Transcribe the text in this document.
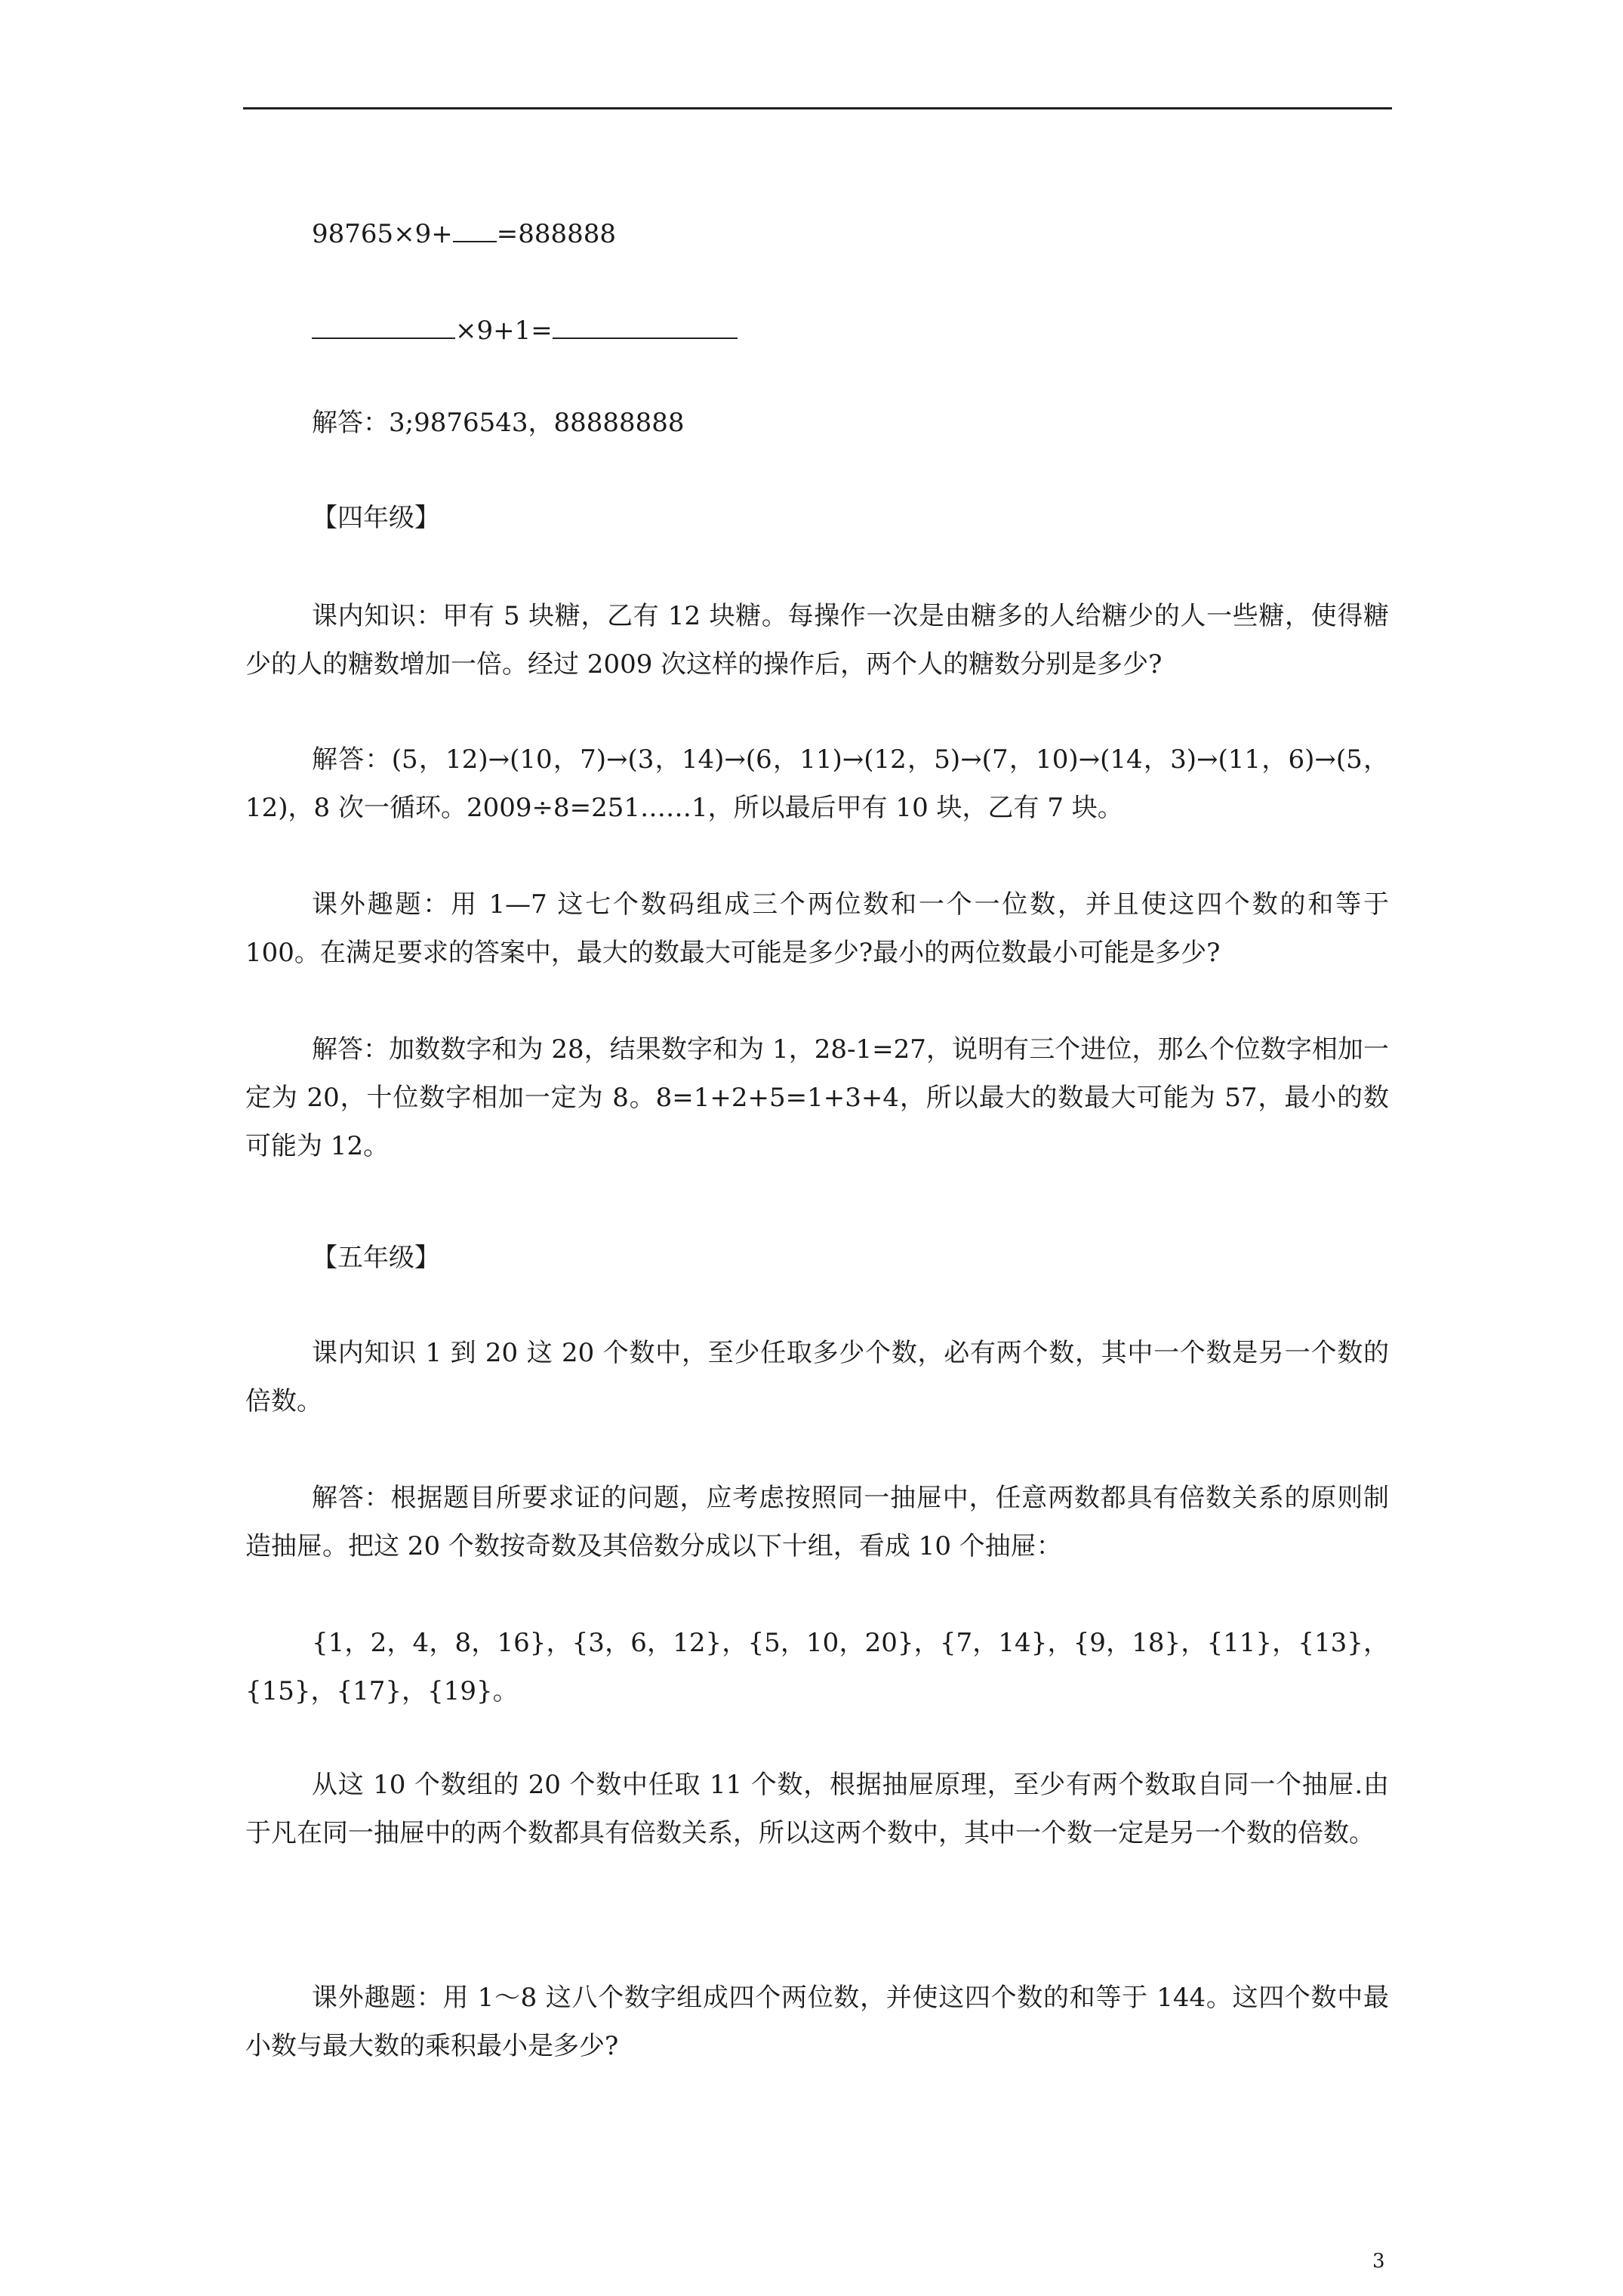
98765×9+ =888888
×9+1=
解答：3;9876543，88888888
【四年级】

课内知识：甲有 5 块糖，乙有 12 块糖。每操作一次是由糖多的人给糖少的人一些糖，使得糖少的人的糖数增加一倍。经过 2009 次这样的操作后，两个人的糖数分别是多少?

解答：(5，12)→(10，7)→(3，14)→(6，11)→(12，5)→(7，10)→(14，3)→(11，6)→(5，12)，8 次一循环。2009÷8=251……1，所以最后甲有 10 块，乙有 7 块。

课外趣题：用 1—7 这七个数码组成三个两位数和一个一位数，并且使这四个数的和等于 100。在满足要求的答案中，最大的数最大可能是多少?最小的两位数最小可能是多少?

解答：加数数字和为 28，结果数字和为 1，28-1=27，说明有三个进位，那么个位数字相加一定为 20，十位数字相加一定为 8。8=1+2+5=1+3+4，所以最大的数最大可能为 57，最小的数可能为 12。

【五年级】

课内知识 1 到 20 这 20 个数中，至少任取多少个数，必有两个数，其中一个数是另一个数的倍数。

解答：根据题目所要求证的问题，应考虑按照同一抽屉中，任意两数都具有倍数关系的原则制造抽屉。把这 20 个数按奇数及其倍数分成以下十组，看成 10 个抽屉：

{1，2，4，8，16}，{3，6，12}，{5，10，20}，{7，14}，{9，18}，{11}，{13}，{15}，{17}，{19}。

从这 10 个数组的 20 个数中任取 11 个数，根据抽屉原理，至少有两个数取自同一个抽屉.由于凡在同一抽屉中的两个数都具有倍数关系，所以这两个数中，其中一个数一定是另一个数的倍数。

课外趣题：用 1～8 这八个数字组成四个两位数，并使这四个数的和等于 144。这四个数中最小数与最大数的乘积最小是多少?

3
